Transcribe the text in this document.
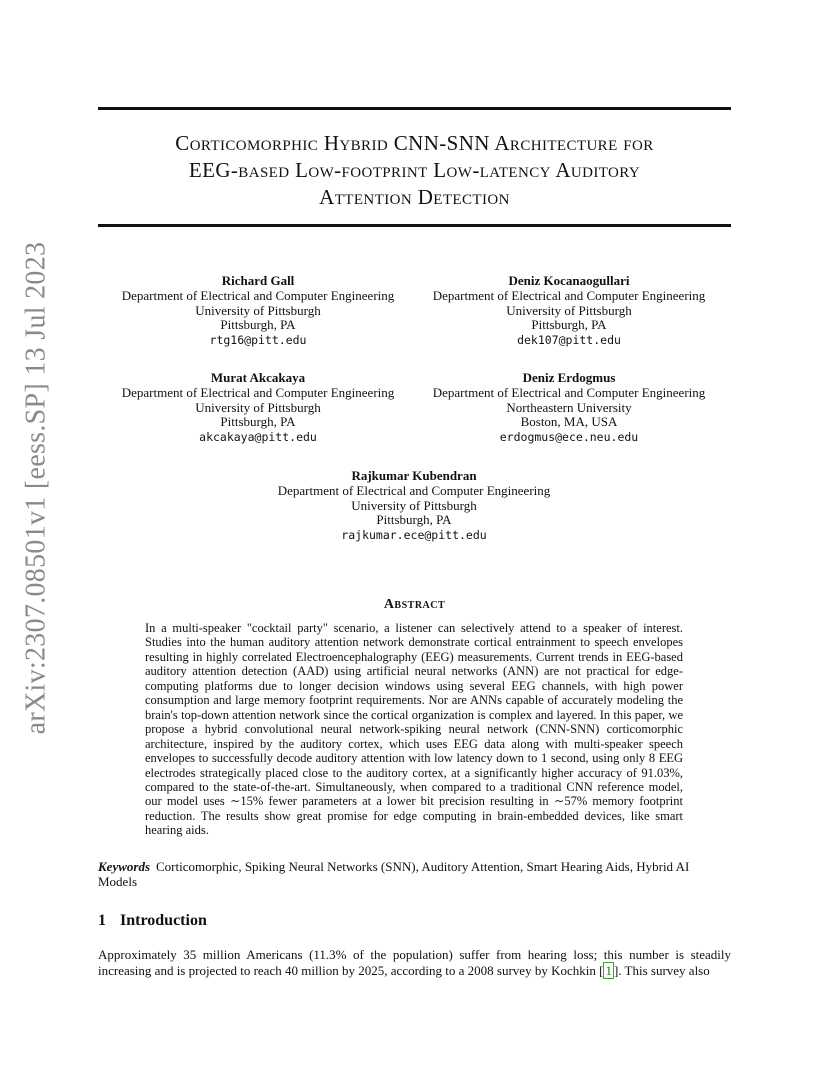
arXiv:2307.08501v1 [eess.SP] 13 Jul 2023
Corticomorphic Hybrid CNN-SNN Architecture for
EEG-based Low-footprint Low-latency Auditory
Attention Detection
Richard Gall
Department of Electrical and Computer Engineering
University of Pittsburgh
Pittsburgh, PA
rtg16@pitt.edu
Deniz Kocanaogullari
Department of Electrical and Computer Engineering
University of Pittsburgh
Pittsburgh, PA
dek107@pitt.edu
Murat Akcakaya
Department of Electrical and Computer Engineering
University of Pittsburgh
Pittsburgh, PA
akcakaya@pitt.edu
Deniz Erdogmus
Department of Electrical and Computer Engineering
Northeastern University
Boston, MA, USA
erdogmus@ece.neu.edu
Rajkumar Kubendran
Department of Electrical and Computer Engineering
University of Pittsburgh
Pittsburgh, PA
rajkumar.ece@pitt.edu
Abstract
In a multi-speaker "cocktail party" scenario, a listener can selectively attend to a speaker of interest. Studies into the human auditory attention network demonstrate cortical entrainment to speech envelopes resulting in highly correlated Electroencephalography (EEG) measurements. Current trends in EEG-based auditory attention detection (AAD) using artificial neural networks (ANN) are not practical for edge-computing platforms due to longer decision windows using several EEG channels, with high power consumption and large memory footprint requirements. Nor are ANNs capable of accurately modeling the brain's top-down attention network since the cortical organization is complex and layered. In this paper, we propose a hybrid convolutional neural network-spiking neural network (CNN-SNN) corticomorphic architecture, inspired by the auditory cortex, which uses EEG data along with multi-speaker speech envelopes to successfully decode auditory attention with low latency down to 1 second, using only 8 EEG electrodes strategically placed close to the auditory cortex, at a significantly higher accuracy of 91.03%, compared to the state-of-the-art. Simultaneously, when compared to a traditional CNN reference model, our model uses ∼15% fewer parameters at a lower bit precision resulting in ∼57% memory footprint reduction. The results show great promise for edge computing in brain-embedded devices, like smart hearing aids.
Keywords Corticomorphic, Spiking Neural Networks (SNN), Auditory Attention, Smart Hearing Aids, Hybrid AI Models
1 Introduction
Approximately 35 million Americans (11.3% of the population) suffer from hearing loss; this number is steadily increasing and is projected to reach 40 million by 2025, according to a 2008 survey by Kochkin [ 1 ]. This survey also
